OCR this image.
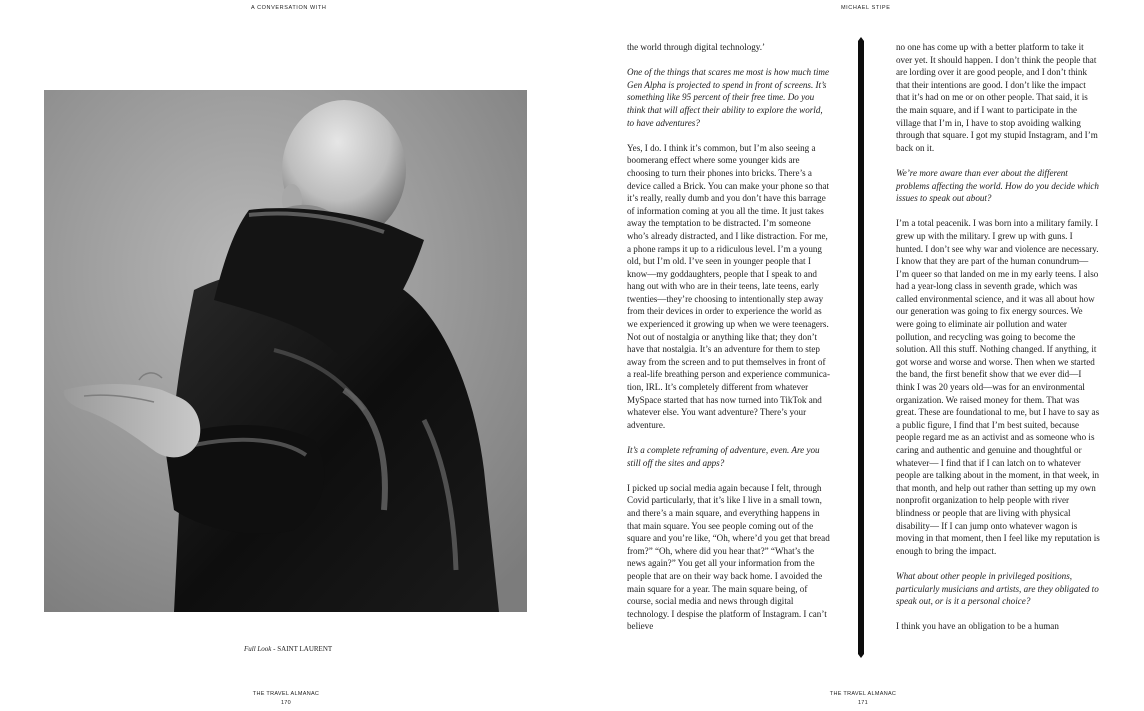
A CONVERSATION WITH	MICHAEL STIPE
Full Look - SAINT LAURENT

the world through digital technology.’

One of the things that scares me most is how much time Gen Alpha is projected to spend in front of screens. It’s something like 95 percent of their free time. Do you think that will affect their ability to explore the world, to have adventures?

Yes, I do. I think it’s common, but I’m also seeing a boomerang effect where some younger kids are choosing to turn their phones into bricks. There’s a device called a Brick. You can make your phone so that it’s really, really dumb and you don’t have this barrage of information coming at you all the time. It just takes away the temptation to be distracted. I’m someone who’s already distracted, and I like distraction. For me, a phone ramps it up to a ridiculous level. I’m a young old, but I’m old. I’ve seen in younger people that I know—my goddaughters, people that I speak to and hang out with who are in their teens, late teens, early twenties—they’re choosing to intentionally step away from their devices in order to experience the world as we experienced it growing up when we were teenagers. Not out of nostalgia or anything like that; they don’t have that nostalgia. It’s an adventure for them to step away from the screen and to put themselves in front of a real-life breathing person and experience communication, IRL. It’s completely different from whatever MySpace started that has now turned into TikTok and whatever else. You want adventure? There’s your adventure.

It’s a complete reframing of adventure, even. Are you still off the sites and apps?

I picked up social media again because I felt, through Covid particularly, that it’s like I live in a small town, and there’s a main square, and everything happens in that main square. You see people coming out of the square and you’re like, “Oh, where’d you get that bread from?” “Oh, where did you hear that?” “What’s the news again?” You get all your information from the people that are on their way back home. I avoided the main square for a year. The main square being, of course, social media and news through digital technology. I despise the platform of Instagram. I can’t believe

no one has come up with a better platform to take it over yet. It should happen. I don’t think the people that are lording over it are good people, and I don’t think that their intentions are good. I don’t like the impact that it’s had on me or on other people. That said, it is the main square, and if I want to participate in the village that I’m in, I have to stop avoiding walking through that square. I got my stupid Instagram, and I’m back on it.

We’re more aware than ever about the different problems affecting the world. How do you decide which issues to speak out about?

I’m a total peacenik. I was born into a military family. I grew up with the military. I grew up with guns. I hunted. I don’t see why war and violence are necessary. I know that they are part of the human conundrum—I’m queer so that landed on me in my early teens. I also had a year-long class in seventh grade, which was called environmental science, and it was all about how our generation was going to fix energy sources. We were going to eliminate air pollution and water pollution, and recycling was going to become the solution. All this stuff. Nothing changed. If anything, it got worse and worse and worse. Then when we started the band, the first benefit show that we ever did—I think I was 20 years old—was for an environmental organization. We raised money for them. That was great. These are foundational to me, but I have to say as a public figure, I find that I’m best suited, because people regard me as an activist and as someone who is caring and authentic and genuine and thoughtful or whatever— I find that if I can latch on to whatever people are talking about in the moment, in that week, in that month, and help out rather than setting up my own nonprofit organization to help people with river blindness or people that are living with physical disability— If I can jump onto whatever wagon is moving in that moment, then I feel like my reputation is enough to bring the impact.

What about other people in privileged positions, particularly musicians and artists, are they obligated to speak out, or is it a personal choice?

I think you have an obligation to be a human

THE TRAVEL ALMANAC
170
THE TRAVEL ALMANAC
171
